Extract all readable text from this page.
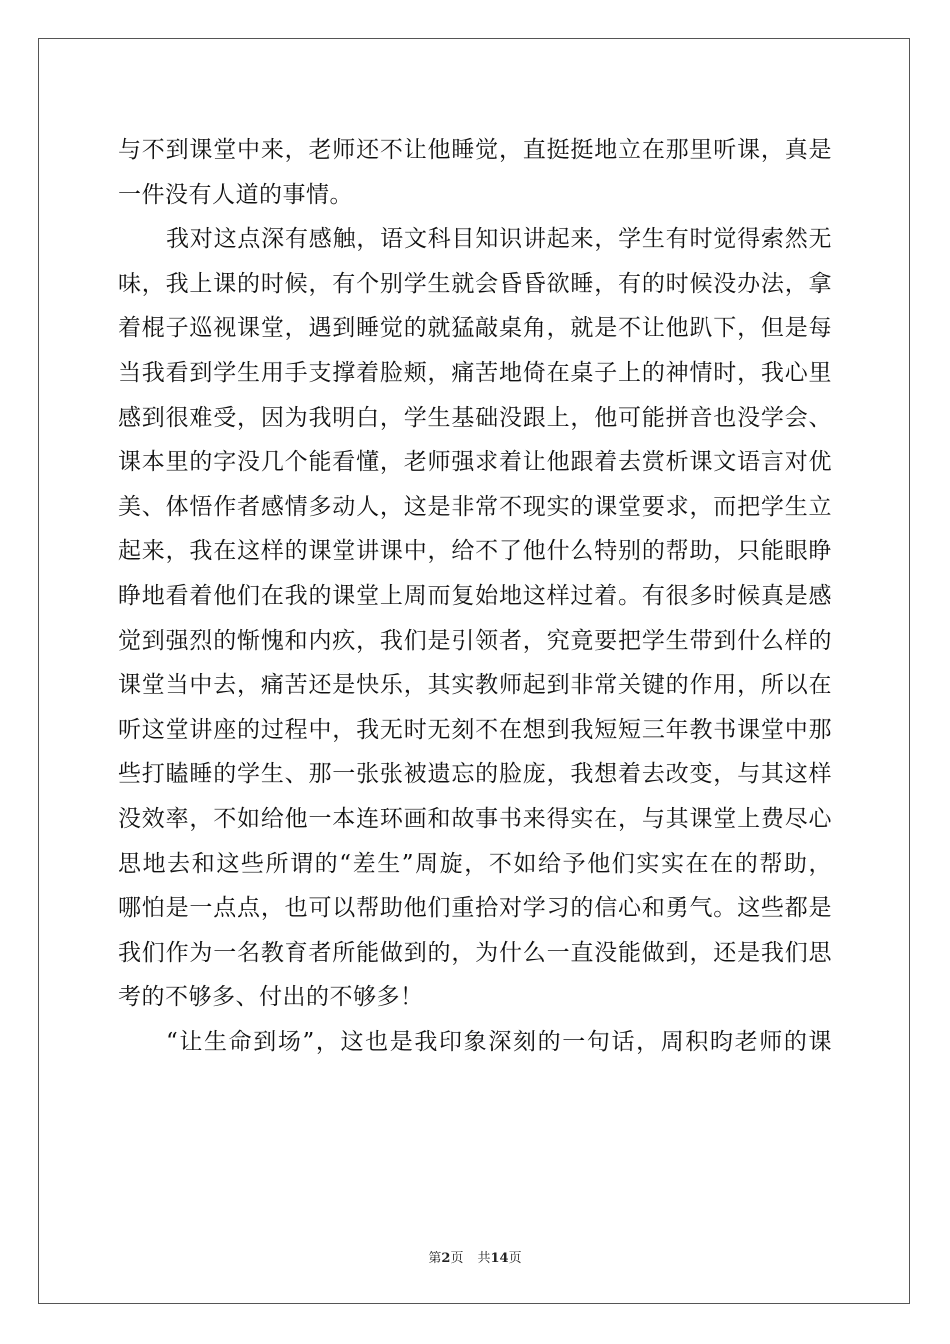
与不到课堂中来，老师还不让他睡觉，直挺挺地立在那里听课，真是
一件没有人道的事情。
我对这点深有感触，语文科目知识讲起来，学生有时觉得索然无
味，我上课的时候，有个别学生就会昏昏欲睡，有的时候没办法，拿
着棍子巡视课堂，遇到睡觉的就猛敲桌角，就是不让他趴下，但是每
当我看到学生用手支撑着脸颊，痛苦地倚在桌子上的神情时，我心里
感到很难受，因为我明白，学生基础没跟上，他可能拼音也没学会、
课本里的字没几个能看懂，老师强求着让他跟着去赏析课文语言对优
美、体悟作者感情多动人，这是非常不现实的课堂要求，而把学生立
起来，我在这样的课堂讲课中，给不了他什么特别的帮助，只能眼睁
睁地看着他们在我的课堂上周而复始地这样过着。有很多时候真是感
觉到强烈的惭愧和内疚，我们是引领者，究竟要把学生带到什么样的
课堂当中去，痛苦还是快乐，其实教师起到非常关键的作用，所以在
听这堂讲座的过程中，我无时无刻不在想到我短短三年教书课堂中那
些打瞌睡的学生、那一张张被遗忘的脸庞，我想着去改变，与其这样
没效率，不如给他一本连环画和故事书来得实在，与其课堂上费尽心
思地去和这些所谓的“差生”周旋，不如给予他们实实在在的帮助，
哪怕是一点点，也可以帮助他们重拾对学习的信心和勇气。这些都是
我们作为一名教育者所能做到的，为什么一直没能做到，还是我们思
考的不够多、付出的不够多！
“让生命到场”，这也是我印象深刻的一句话，周积昀老师的课
第2页 共14页
